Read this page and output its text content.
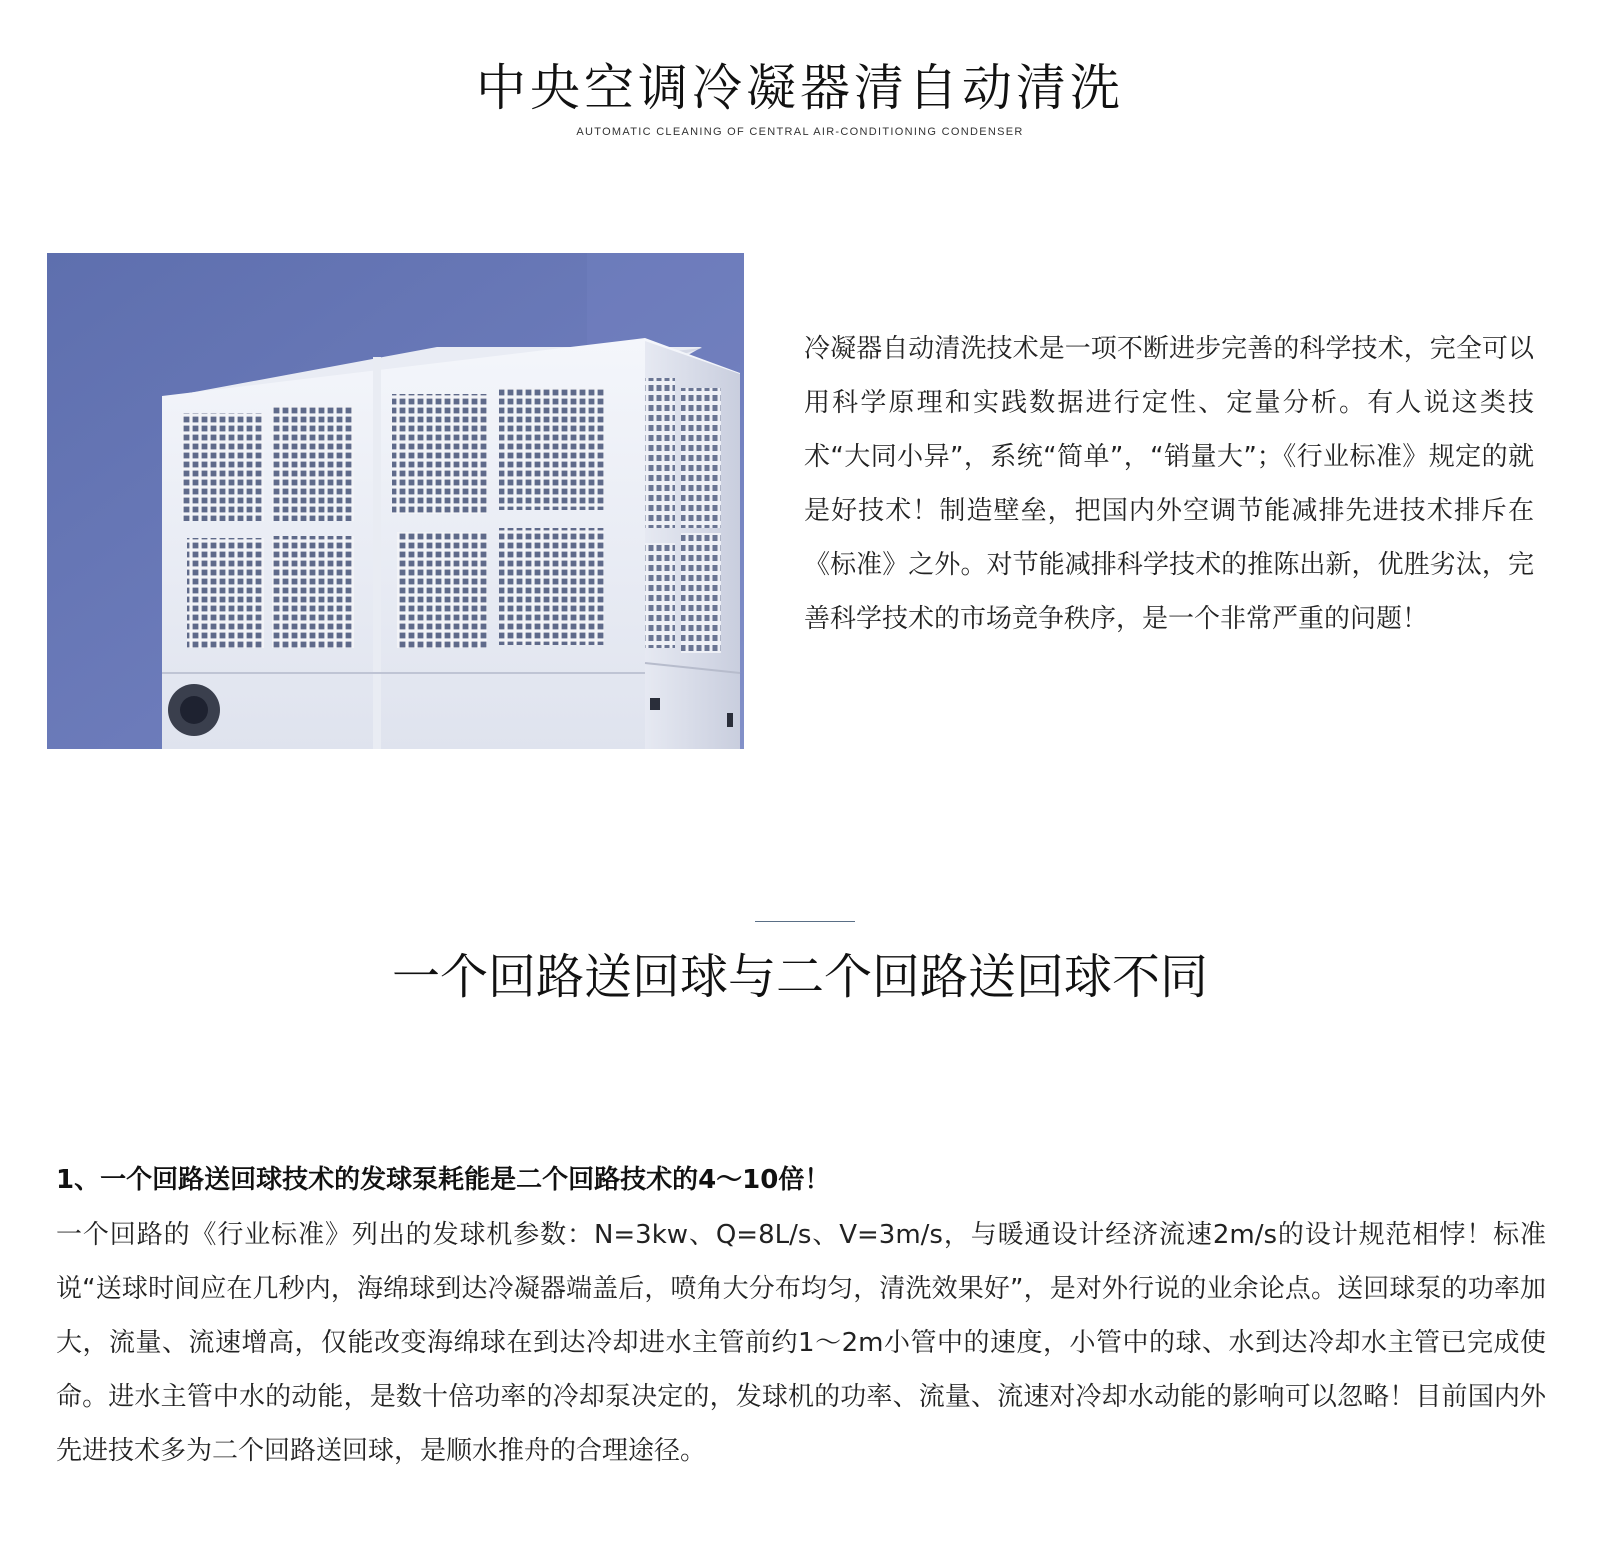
中央空调冷凝器清自动清洗
AUTOMATIC CLEANING OF CENTRAL AIR-CONDITIONING CONDENSER
冷凝器自动清洗技术是一项不断进步完善的科学技术，完全可以用科学原理和实践数据进行定性、定量分析。有人说这类技术“大同小异”，系统“简单”，“销量大”；《行业标准》规定的就是好技术！制造壁垒，把国内外空调节能减排先进技术排斥在《标准》之外。对节能减排科学技术的推陈出新，优胜劣汰，完善科学技术的市场竞争秩序，是一个非常严重的问题！
一个回路送回球与二个回路送回球不同
1、一个回路送回球技术的发球泵耗能是二个回路技术的4～10倍！
一个回路的《行业标准》列出的发球机参数：N=3kw、Q=8L/s、V=3m/s，与暖通设计经济流速2m/s的设计规范相悖！标准说“送球时间应在几秒内，海绵球到达冷凝器端盖后，喷角大分布均匀，清洗效果好”，是对外行说的业余论点。送回球泵的功率加大，流量、流速增高，仅能改变海绵球在到达冷却进水主管前约1～2m小管中的速度，小管中的球、水到达冷却水主管已完成使命。进水主管中水的动能，是数十倍功率的冷却泵决定的，发球机的功率、流量、流速对冷却水动能的影响可以忽略！目前国内外先进技术多为二个回路送回球，是顺水推舟的合理途径。
